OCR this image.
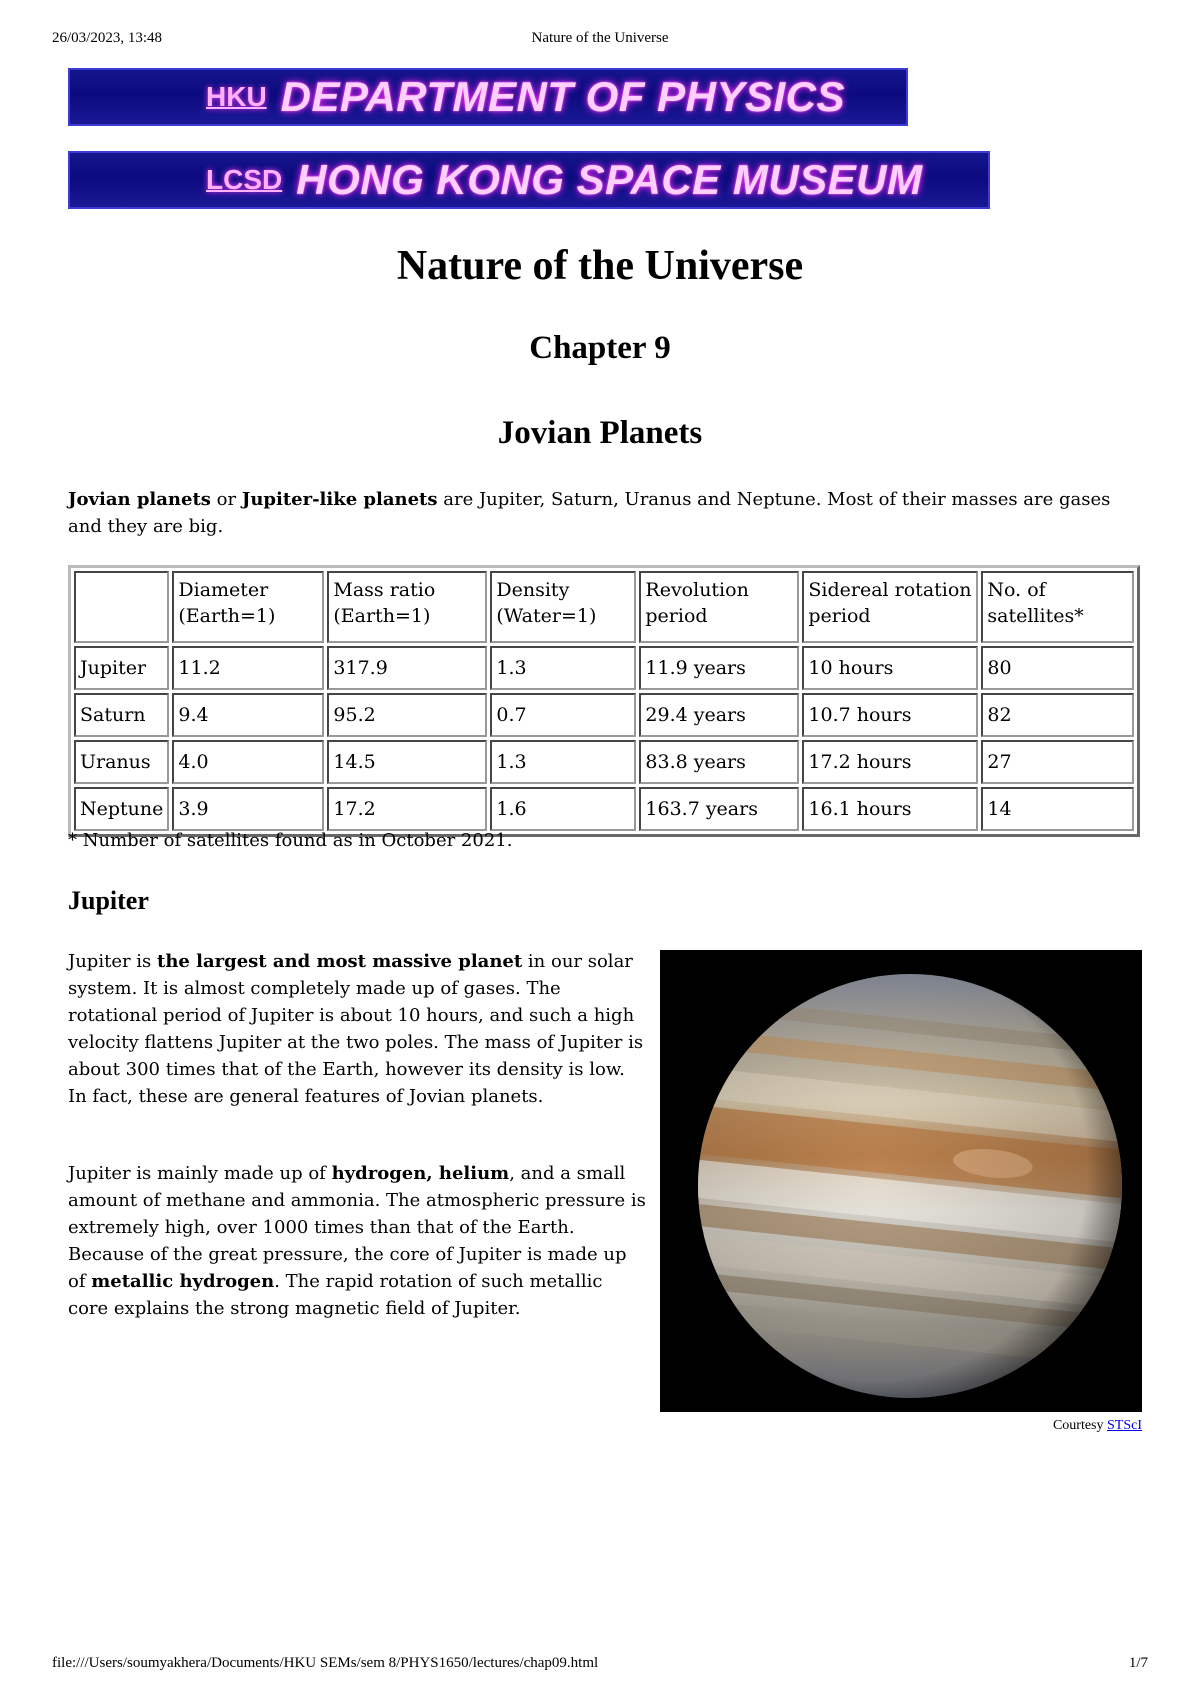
26/03/2023, 13:48	Nature of the Universe
HKU DEPARTMENT OF PHYSICS
LCSD HONG KONG SPACE MUSEUM
Nature of the Universe
Chapter 9
Jovian Planets

Jovian planets or Jupiter-like planets are Jupiter, Saturn, Uranus and Neptune. Most of their masses are gases and they are big.

	Diameter (Earth=1)	Mass ratio (Earth=1)	Density (Water=1)	Revolution period	Sidereal rotation period	No. of satellites*
Jupiter	11.2	317.9	1.3	11.9 years	10 hours	80
Saturn	9.4	95.2	0.7	29.4 years	10.7 hours	82
Uranus	4.0	14.5	1.3	83.8 years	17.2 hours	27
Neptune	3.9	17.2	1.6	163.7 years	16.1 hours	14

* Number of satellites found as in October 2021.

Jupiter

Jupiter is the largest and most massive planet in our solar system. It is almost completely made up of gases. The rotational period of Jupiter is about 10 hours, and such a high velocity flattens Jupiter at the two poles. The mass of Jupiter is about 300 times that of the Earth, however its density is low. In fact, these are general features of Jovian planets.

Jupiter is mainly made up of hydrogen, helium, and a small amount of methane and ammonia. The atmospheric pressure is extremely high, over 1000 times than that of the Earth. Because of the great pressure, the core of Jupiter is made up of metallic hydrogen. The rapid rotation of such metallic core explains the strong magnetic field of Jupiter.

Courtesy STScI
file:///Users/soumyakhera/Documents/HKU SEMs/sem 8/PHYS1650/lectures/chap09.html	1/7
